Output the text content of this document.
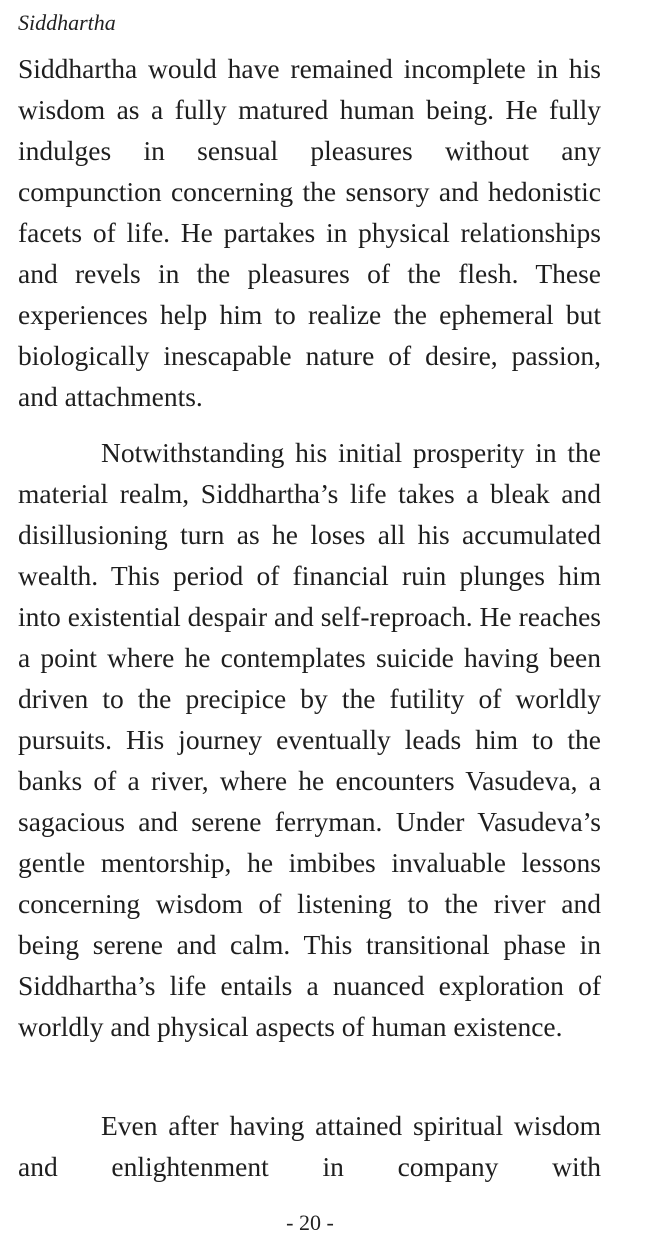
Siddhartha

Siddhartha would have remained incomplete in his wisdom as a fully matured human being. He fully indulges in sensual pleasures without any compunction concerning the sensory and hedonistic facets of life. He partakes in physical relationships and revels in the pleasures of the flesh. These experiences help him to realize the ephemeral but biologically inescapable nature of desire, passion, and attachments.

Notwithstanding his initial prosperity in the material realm, Siddhartha’s life takes a bleak and disillusioning turn as he loses all his accumulated wealth. This period of financial ruin plunges him into existential despair and self-reproach. He reaches a point where he contemplates suicide having been driven to the precipice by the futility of worldly pursuits. His journey eventually leads him to the banks of a river, where he encounters Vasudeva, a sagacious and serene ferryman. Under Vasudeva’s gentle mentorship, he imbibes invaluable lessons concerning wisdom of listening to the river and being serene and calm. This transitional phase in Siddhartha’s life entails a nuanced exploration of worldly and physical aspects of human existence.

Even after having attained spiritual wisdom and enlightenment in company with

- 20 -
